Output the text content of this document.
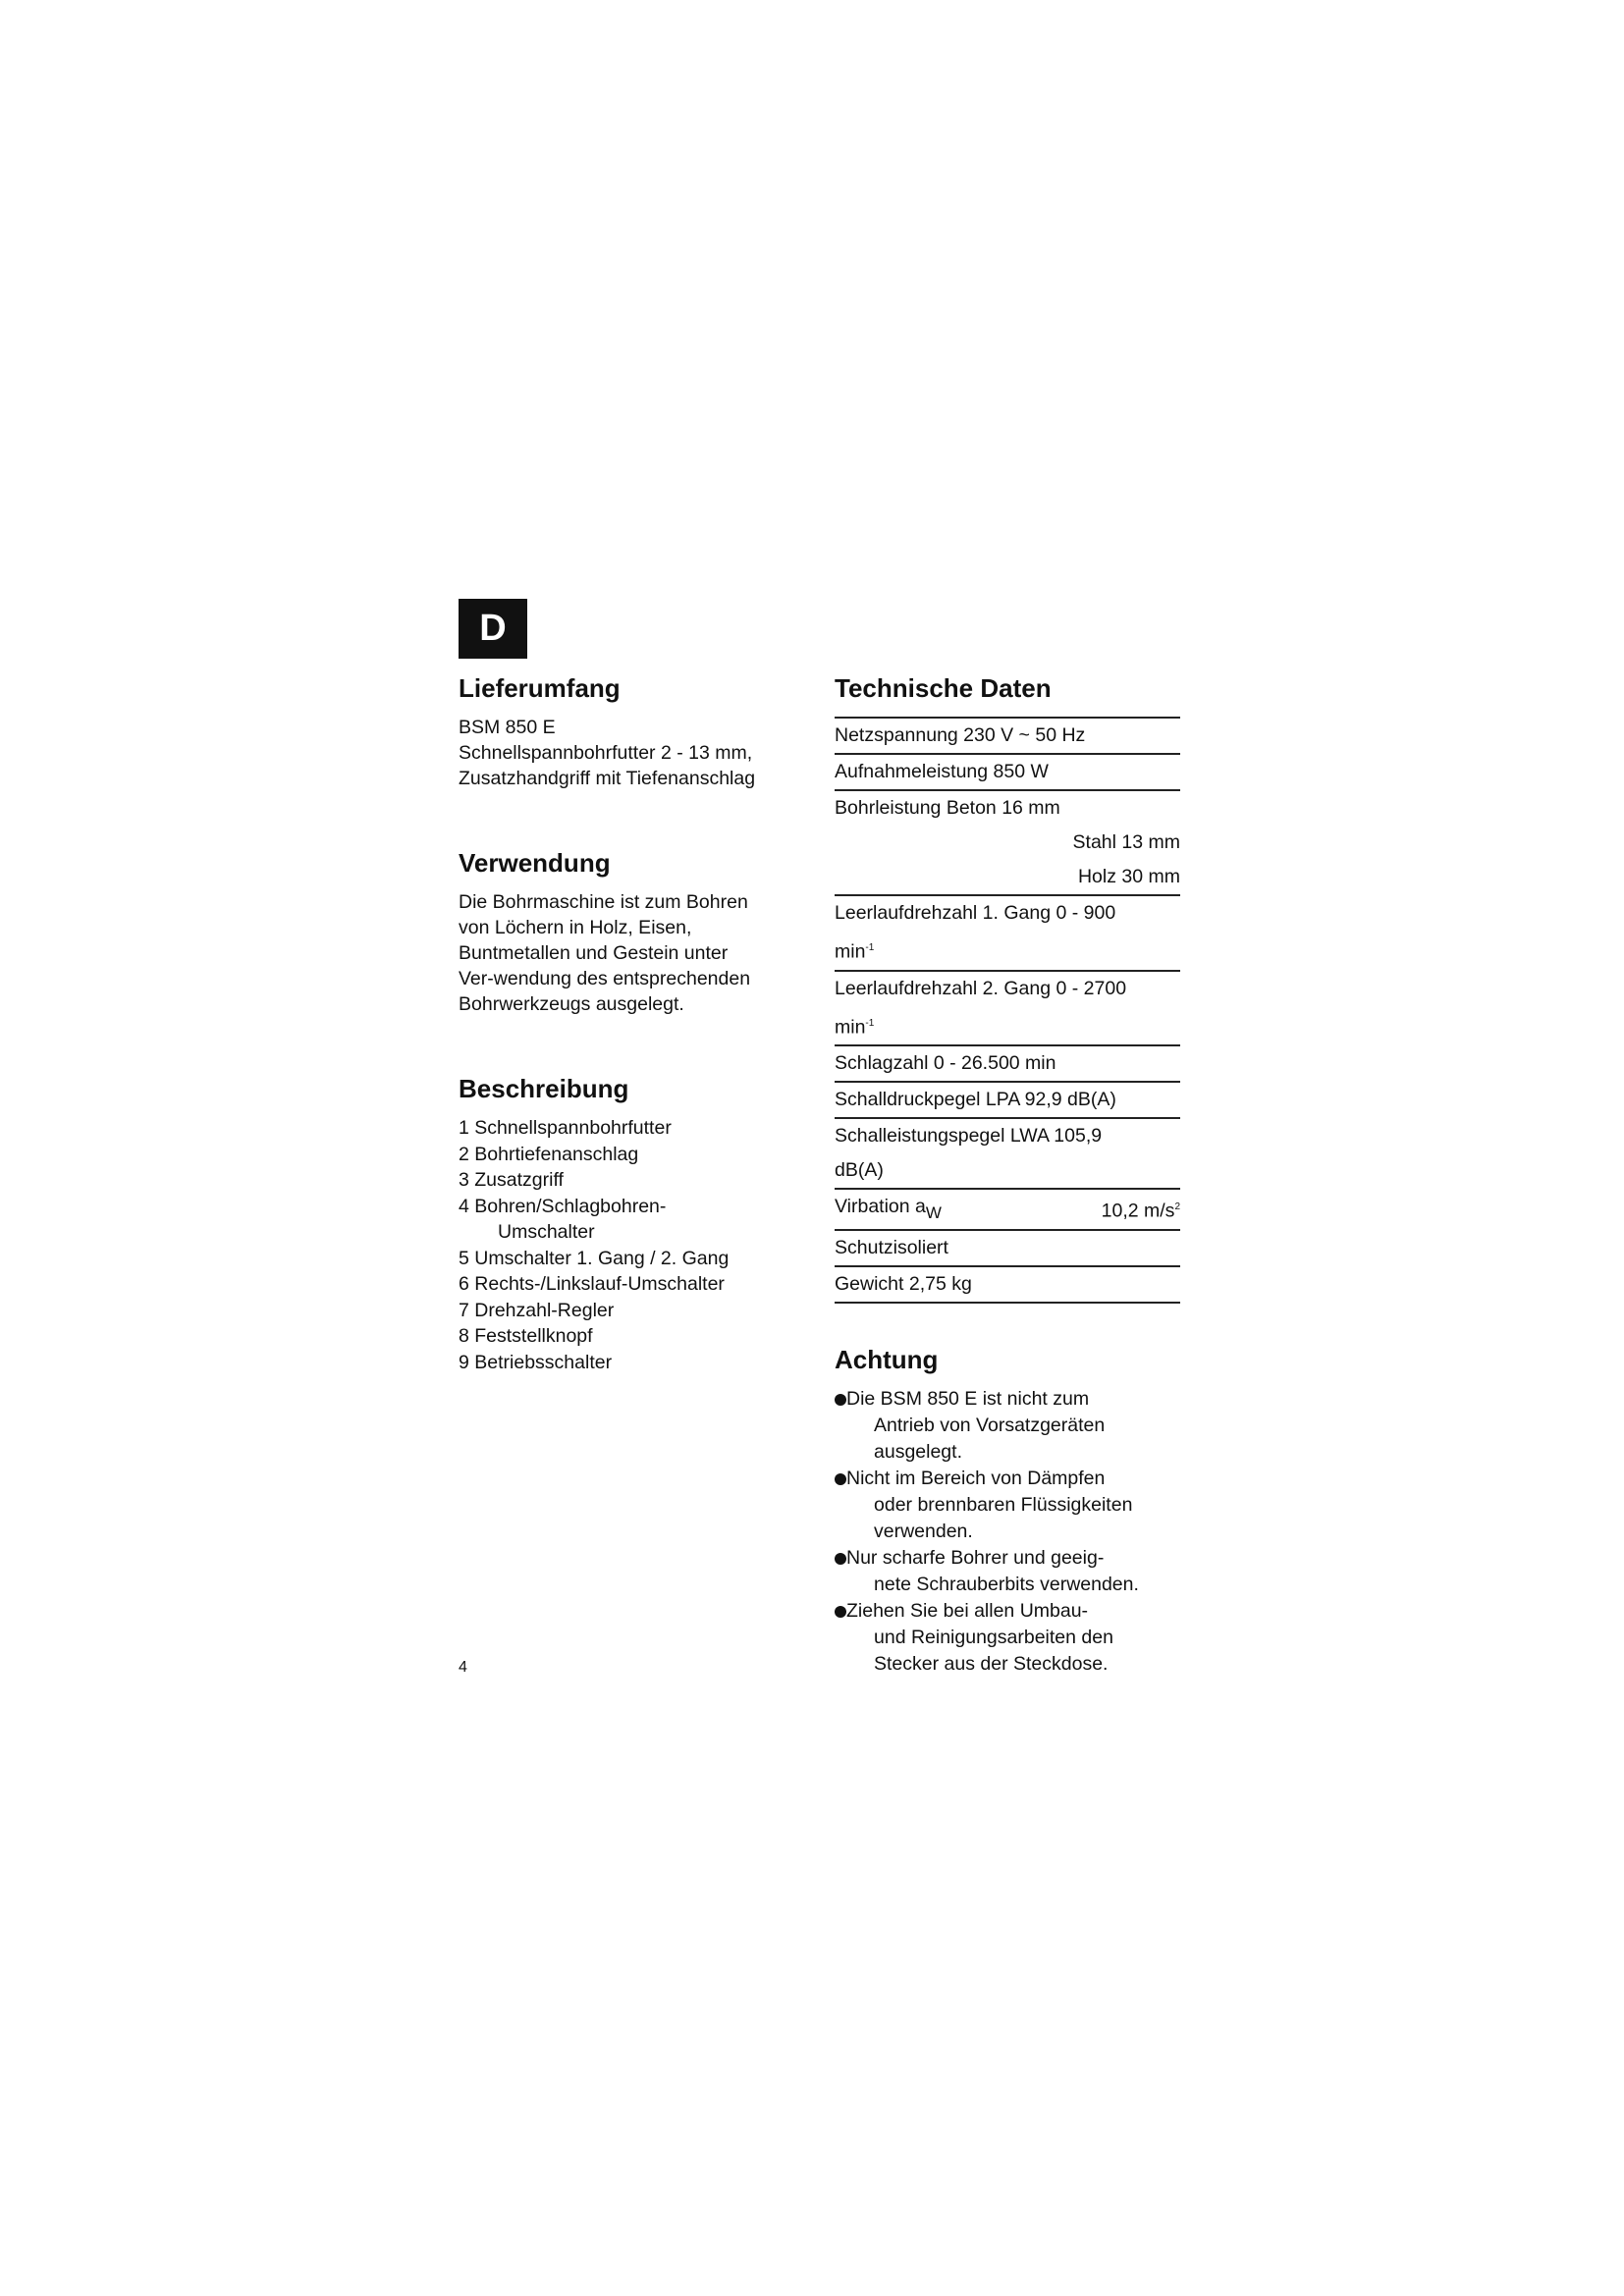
D
Lieferumfang

BSM 850 E

Schnellspannbohrfutter 2 - 13 mm,

Zusatzhandgriff mit Tiefenanschlag

Verwendung

Die Bohrmaschine ist zum Bohren

von Löchern in Holz, Eisen,

Buntmetallen und Gestein unter

Ver-wendung des entsprechenden

Bohrwerkzeugs ausgelegt.

Beschreibung
1 Schnellspannbohrfutter
2 Bohrtiefenanschlag
3 Zusatzgriff
4 Bohren/Schlagbohren-
Umschalter
5 Umschalter 1. Gang / 2. Gang
6 Rechts-/Linkslauf-Umschalter
7 Drehzahl-Regler
8 Feststellknopf
9 Betriebsschalter
Technische Daten
Netzspannung 230 V ~ 50 Hz
Aufnahmeleistung 850 W
Bohrleistung Beton 16 mm
Stahl 13 mm
Holz 30 mm
Leerlaufdrehzahl 1. Gang 0 - 900
$\min^{-1}$
Leerlaufdrehzahl 2. Gang 0 - 2700
$\min^{-1}$
Schlagzahl 0 - 26.500 min
Schalldruckpegel LPA 92,9 dB(A)
Schalleistungspegel LWA 105,9
dB(A)
Virbation aW	10,2 $m/s^2$
Schutzisoliert
Gewicht 2,75 kg
Achtung
Die BSM 850 E ist nicht zum
Antrieb von Vorsatzgeräten
ausgelegt.
Nicht im Bereich von Dämpfen
oder brennbaren Flüssigkeiten
verwenden.
Nur scharfe Bohrer und geeig-
nete Schrauberbits verwenden.
Ziehen Sie bei allen Umbau-
und Reinigungsarbeiten den
Stecker aus der Steckdose.
4
